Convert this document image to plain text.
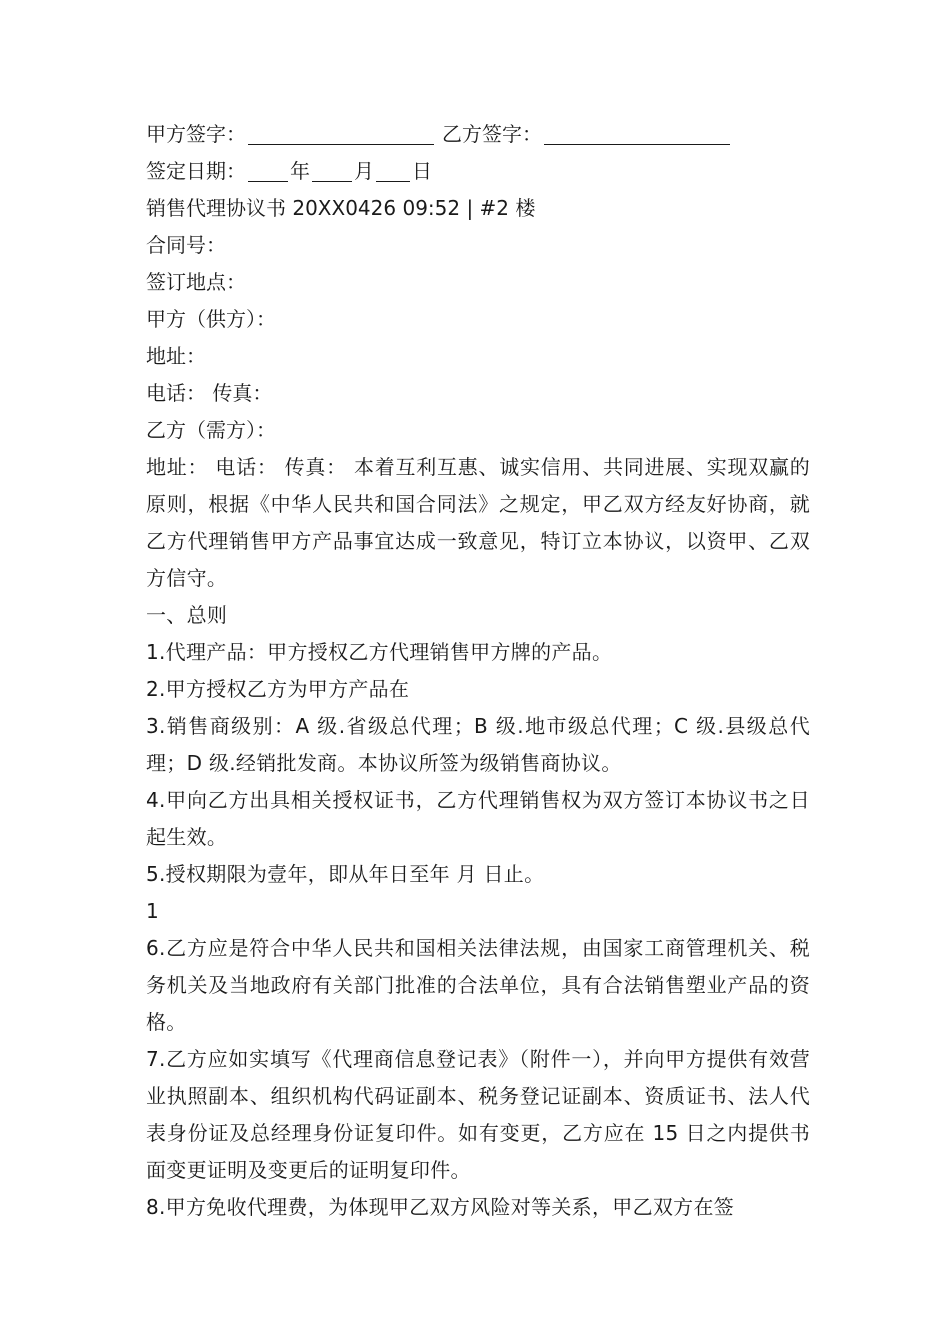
甲方签字：	乙方签字：

签定日期： 年 月 日

销售代理协议书 20XX0426 09:52 | #2 楼

合同号：

签订地点：

甲方（供方）：

地址：

电话： 传真：

乙方（需方）：

地址： 电话： 传真： 本着互利互惠、诚实信用、共同进展、实现双赢的原则，根据《中华人民共和国合同法》之规定，甲乙双方经友好协商，就乙方代理销售甲方产品事宜达成一致意见，特订立本协议，以资甲、乙双方信守。

一、总则

1.代理产品：甲方授权乙方代理销售甲方牌的产品。

2.甲方授权乙方为甲方产品在

3.销售商级别：A 级.省级总代理；B 级.地市级总代理；C 级.县级总代理；D 级.经销批发商。本协议所签为级销售商协议。

4.甲向乙方出具相关授权证书，乙方代理销售权为双方签订本协议书之日起生效。

5.授权期限为壹年，即从年日至年 月 日止。

1

6.乙方应是符合中华人民共和国相关法律法规，由国家工商管理机关、税务机关及当地政府有关部门批准的合法单位，具有合法销售塑业产品的资格。

7.乙方应如实填写《代理商信息登记表》（附件一），并向甲方提供有效营业执照副本、组织机构代码证副本、税务登记证副本、资质证书、法人代表身份证及总经理身份证复印件。如有变更，乙方应在 15 日之内提供书面变更证明及变更后的证明复印件。

8.甲方免收代理费，为体现甲乙双方风险对等关系，甲乙双方在签
